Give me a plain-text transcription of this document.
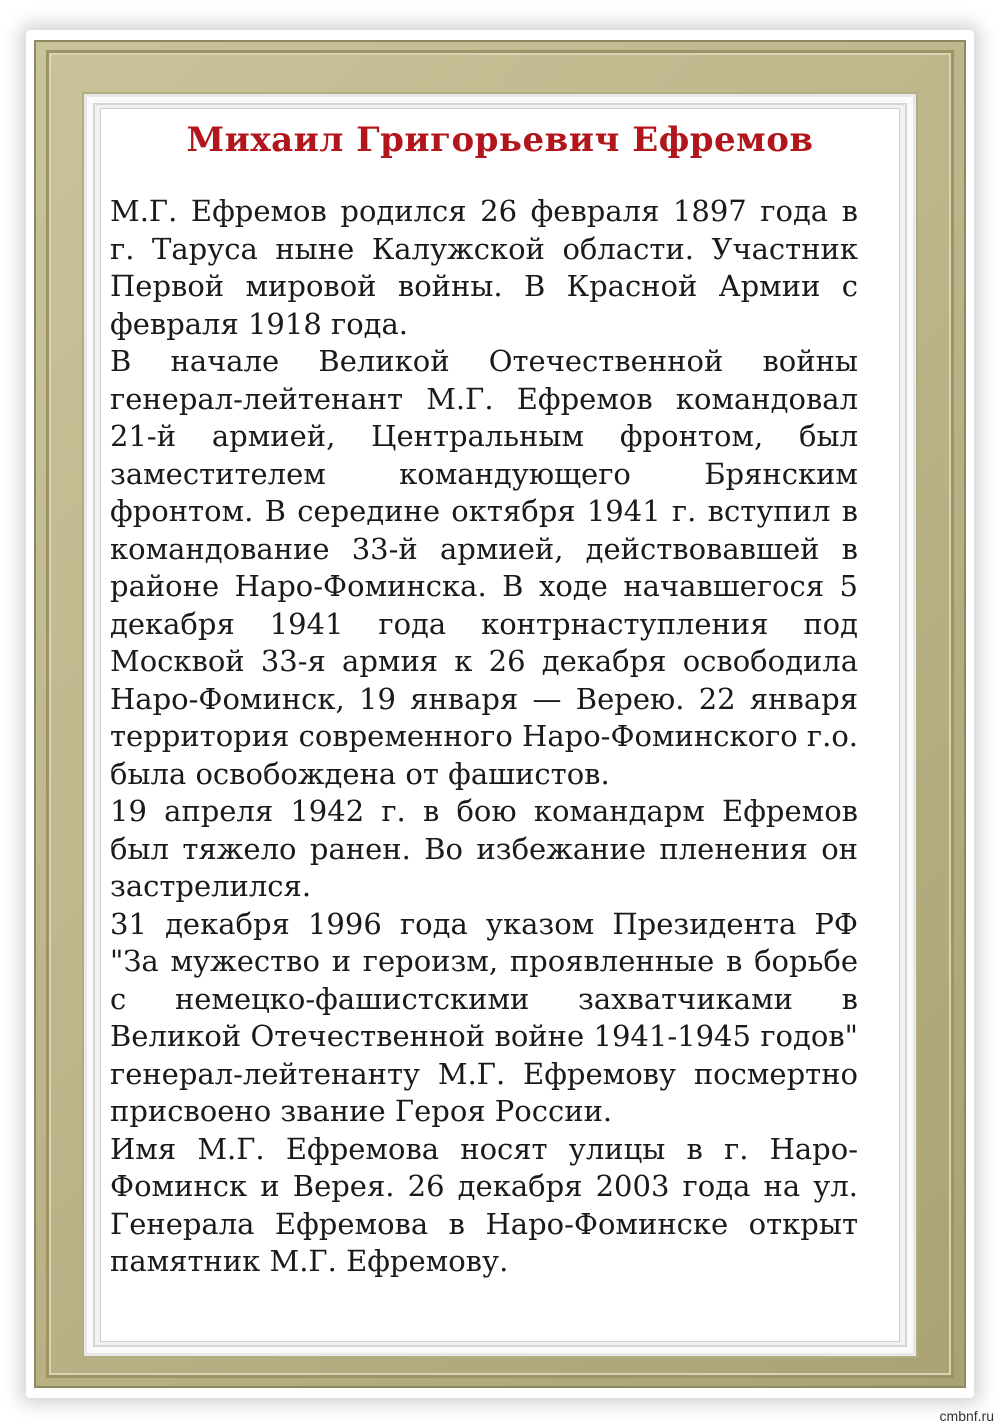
Михаил Григорьевич Ефремов

М.Г. Ефремов родился 26 февраля 1897 года в г. Таруса ныне Калужской области. Участник Первой мировой войны. В Красной Армии с февраля 1918 года.

В начале Великой Отечественной войны генерал-лейтенант М.Г. Ефремов командовал 21-й армией, Центральным фронтом, был заместителем командующего Брянским фронтом. В середине октября 1941 г. вступил в командование 33-й армией, действовавшей в районе Наро-Фоминска. В ходе начавшегося 5 декабря 1941 года контрнаступления под Москвой 33-я армия к 26 декабря освободила Наро-Фоминск, 19 января — Верею. 22 января территория современного Наро-Фоминского г.о. была освобождена от фашистов.

19 апреля 1942 г. в бою командарм Ефремов был тяжело ранен. Во избежание пленения он застрелился.

31 декабря 1996 года указом Президента РФ "За мужество и героизм, проявленные в борьбе с немецко-фашистскими захватчиками в Великой Отечественной войне 1941-1945 годов" генерал-лейтенанту М.Г. Ефремову посмертно присвоено звание Героя России.

Имя М.Г. Ефремова носят улицы в г. Наро-Фоминск и Верея. 26 декабря 2003 года на ул. Генерала Ефремова в Наро-Фоминске открыт памятник М.Г. Ефремову.

cmbnf.ru
